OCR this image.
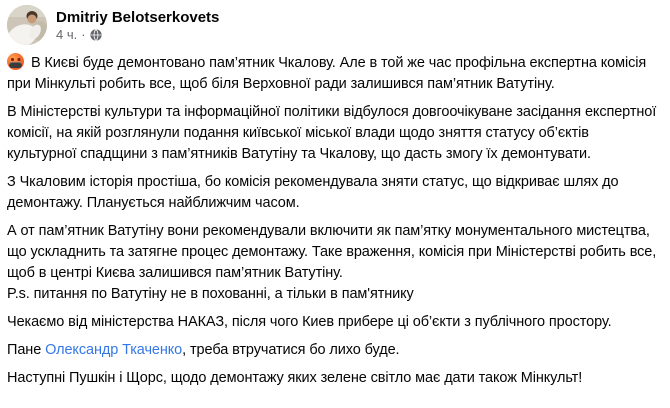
Dmitriy Belotserkovets
4 ч. ·

В Києві буде демонтовано пам’ятник Чкалову. Але в той же час профільна експертна комісія при Мінкульті робить все, щоб біля Верховної ради залишився пам’ятник Ватутіну.

В Міністерстві культури та інформаційної політики відбулося довгоочікуване засідання експертної комісії, на якій розглянули подання київської міської влади щодо зняття статусу об’єктів культурної спадщини з пам’ятників Ватутіну та Чкалову, що дасть змогу їх демонтувати.

З Чкаловим історія простіша, бо комісія рекомендувала зняти статус, що відкриває шлях до демонтажу. Планується найближчим часом.

А от пам’ятник Ватутіну вони рекомендували включити як пам’ятку монументального мистецтва, що ускладнить та затягне процес демонтажу. Таке враження, комісія при Міністерстві робить все, щоб в центрі Києва залишився пам’ятник Ватутіну.
P.s. питання по Ватутіну не в похованні, а тільки в пам'ятнику

Чекаємо від міністерства НАКАЗ, після чого Киев прибере ці об’єкти з публічного простору.

Пане Олександр Ткаченко, треба втручатися бо лихо буде.

Наступні Пушкін і Щорс, щодо демонтажу яких зелене світло має дати також Мінкульт!
